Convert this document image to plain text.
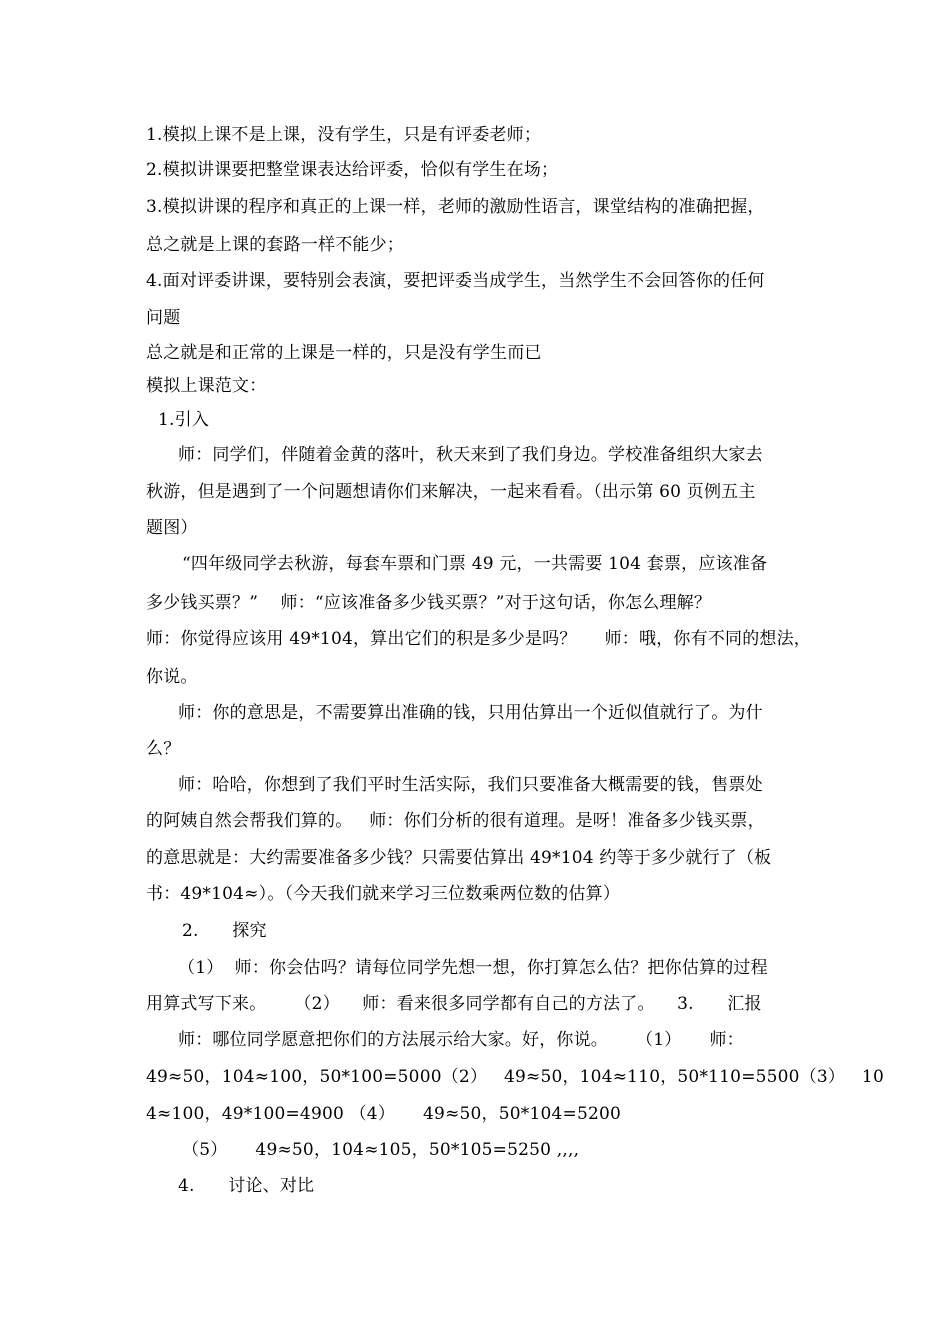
1.模拟上课不是上课，没有学生，只是有评委老师；
2.模拟讲课要把整堂课表达给评委，恰似有学生在场；
3.模拟讲课的程序和真正的上课一样，老师的激励性语言，课堂结构的准确把握，
总之就是上课的套路一样不能少；
4.面对评委讲课，要特别会表演，要把评委当成学生，当然学生不会回答你的任何
问题
总之就是和正常的上课是一样的，只是没有学生而已
模拟上课范文：
1.引入
师：同学们，伴随着金黄的落叶，秋天来到了我们身边。学校准备组织大家去
秋游，但是遇到了一个问题想请你们来解决，一起来看看。（出示第 60 页例五主
题图）
“四年级同学去秋游，每套车票和门票 49 元，一共需要 104 套票，应该准备
多少钱买票？”    师：“应该准备多少钱买票？”对于这句话，你怎么理解？
师：你觉得应该用 49*104，算出它们的积是多少是吗？     师：哦，你有不同的想法，
你说。
师：你的意思是，不需要算出准确的钱，只用估算出一个近似值就行了。为什
么？
师：哈哈，你想到了我们平时生活实际，我们只要准备大概需要的钱，售票处
的阿姨自然会帮我们算的。   师：你们分析的很有道理。是呀！准备多少钱买票，
的意思就是：大约需要准备多少钱？只需要估算出 49*104 约等于多少就行了（板
书：49*104≈）。（今天我们就来学习三位数乘两位数的估算）
2.      探究
（1）  师：你会估吗？请每位同学先想一想，你打算怎么估？把你估算的过程
用算式写下来。     （2）    师：看来很多同学都有自己的方法了。    3.      汇报
师：哪位同学愿意把你们的方法展示给大家。好，你说。     （1）     师：
49≈50，104≈100，50*100=5000（2）   49≈50，104≈110，50*110=5500（3）   10
4≈100，49*100=4900 （4）     49≈50，50*104=5200
（5）     49≈50，104≈105，50*105=5250 ,,,,
4.      讨论、对比
